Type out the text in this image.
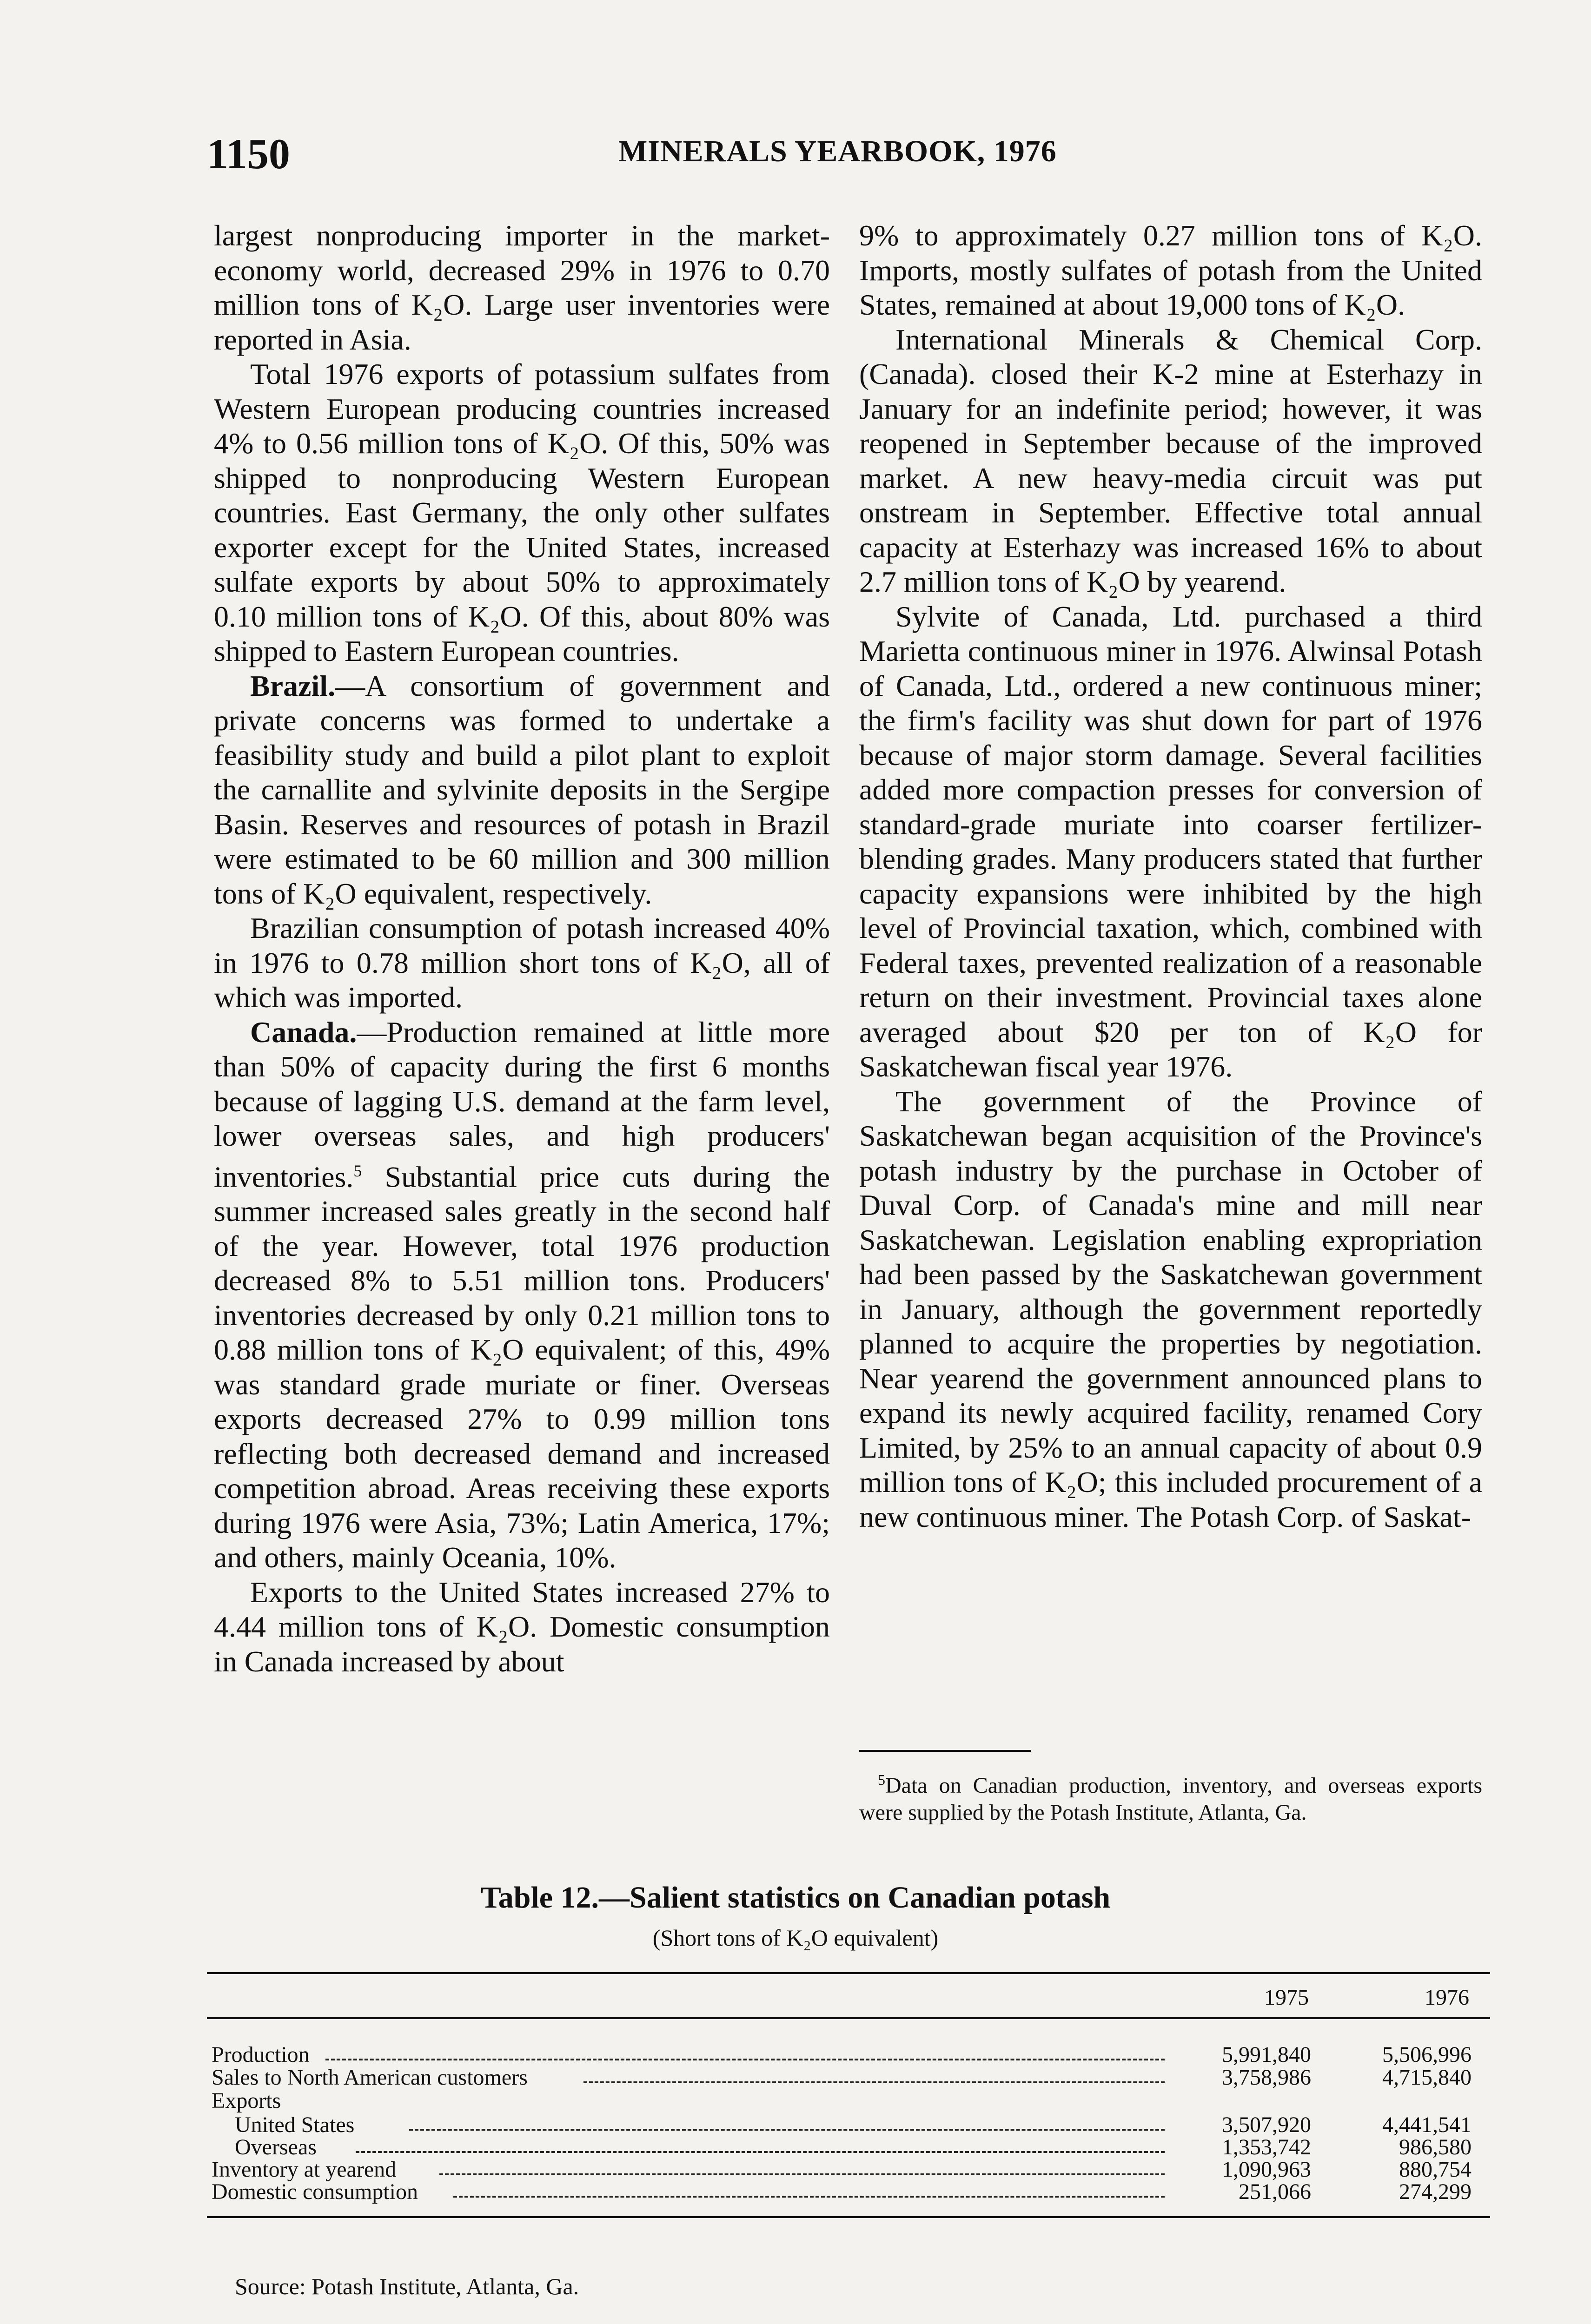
1150	MINERALS YEARBOOK, 1976

largest nonproducing importer in the market-economy world, decreased 29% in 1976 to 0.70 million tons of K₂O. Large user inventories were reported in Asia.

Total 1976 exports of potassium sulfates from Western European producing countries increased 4% to 0.56 million tons of K₂O. Of this, 50% was shipped to nonproducing Western European countries. East Germany, the only other sulfates exporter except for the United States, increased sulfate exports by about 50% to approximately 0.10 million tons of K₂O. Of this, about 80% was shipped to Eastern European countries.

Brazil.—A consortium of government and private concerns was formed to undertake a feasibility study and build a pilot plant to exploit the carnallite and sylvinite deposits in the Sergipe Basin. Reserves and resources of potash in Brazil were estimated to be 60 million and 300 million tons of K₂O equivalent, respectively.

Brazilian consumption of potash increased 40% in 1976 to 0.78 million short tons of K₂O, all of which was imported.

Canada.—Production remained at little more than 50% of capacity during the first 6 months because of lagging U.S. demand at the farm level, lower overseas sales, and high producers' inventories.$^5$ Substantial price cuts during the summer increased sales greatly in the second half of the year. However, total 1976 production decreased 8% to 5.51 million tons. Producers' inventories decreased by only 0.21 million tons to 0.88 million tons of K₂O equivalent; of this, 49% was standard grade muriate or finer. Overseas exports decreased 27% to 0.99 million tons reflecting both decreased demand and increased competition abroad. Areas receiving these exports during 1976 were Asia, 73%; Latin America, 17%; and others, mainly Oceania, 10%.

Exports to the United States increased 27% to 4.44 million tons of K₂O. Domestic consumption in Canada increased by about

9% to approximately 0.27 million tons of K₂O. Imports, mostly sulfates of potash from the United States, remained at about 19,000 tons of K₂O.

International Minerals & Chemical Corp. (Canada). closed their K-2 mine at Esterhazy in January for an indefinite period; however, it was reopened in September because of the improved market. A new heavy-media circuit was put onstream in September. Effective total annual capacity at Esterhazy was increased 16% to about 2.7 million tons of K₂O by yearend.

Sylvite of Canada, Ltd. purchased a third Marietta continuous miner in 1976. Alwinsal Potash of Canada, Ltd., ordered a new continuous miner; the firm's facility was shut down for part of 1976 because of major storm damage. Several facilities added more compaction presses for conversion of standard-grade muriate into coarser fertilizer-blending grades. Many producers stated that further capacity expansions were inhibited by the high level of Provincial taxation, which, combined with Federal taxes, prevented realization of a reasonable return on their investment. Provincial taxes alone averaged about $20 per ton of K₂O for Saskatchewan fiscal year 1976.

The government of the Province of Saskatchewan began acquisition of the Province's potash industry by the purchase in October of Duval Corp. of Canada's mine and mill near Saskatchewan. Legislation enabling expropriation had been passed by the Saskatchewan government in January, although the government reportedly planned to acquire the properties by negotiation. Near yearend the government announced plans to expand its newly acquired facility, renamed Cory Limited, by 25% to an annual capacity of about 0.9 million tons of K₂O; this included procurement of a new continuous miner. The Potash Corp. of Saskat-

$^5$Data on Canadian production, inventory, and overseas exports were supplied by the Potash Institute, Atlanta, Ga.
Table 12.—Salient statistics on Canadian potash
(Short tons of K₂O equivalent)
1975	1976
Production	5,991,840	5,506,996
Sales to North American customers	3,758,986	4,715,840
Exports
United States	3,507,920	4,441,541
Overseas	1,353,742	986,580
Inventory at yearend	1,090,963	880,754
Domestic consumption	251,066	274,299
Source: Potash Institute, Atlanta, Ga.
